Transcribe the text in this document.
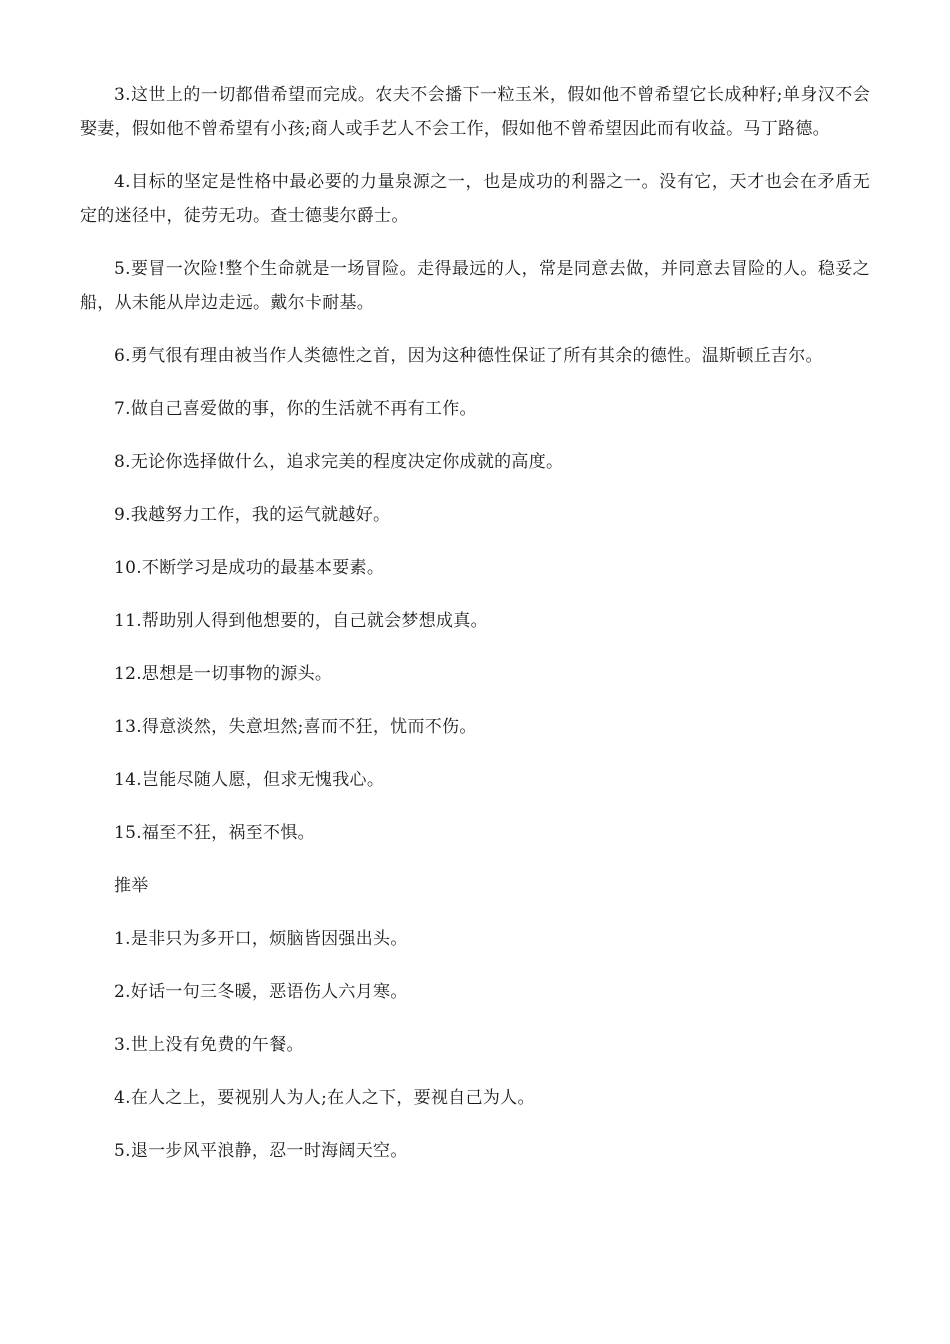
3.这世上的一切都借希望而完成。农夫不会播下一粒玉米，假如他不曾希望它长成种籽;单身汉不会娶妻，假如他不曾希望有小孩;商人或手艺人不会工作，假如他不曾希望因此而有收益。马丁路德。

4.目标的坚定是性格中最必要的力量泉源之一，也是成功的利器之一。没有它，天才也会在矛盾无定的迷径中，徒劳无功。查士德斐尔爵士。

5.要冒一次险!整个生命就是一场冒险。走得最远的人，常是同意去做，并同意去冒险的人。稳妥之船，从未能从岸边走远。戴尔卡耐基。

6.勇气很有理由被当作人类德性之首，因为这种德性保证了所有其余的德性。温斯顿丘吉尔。

7.做自己喜爱做的事，你的生活就不再有工作。

8.无论你选择做什么，追求完美的程度决定你成就的高度。

9.我越努力工作，我的运气就越好。

10.不断学习是成功的最基本要素。

11.帮助别人得到他想要的，自己就会梦想成真。

12.思想是一切事物的源头。

13.得意淡然，失意坦然;喜而不狂，忧而不伤。

14.岂能尽随人愿，但求无愧我心。

15.福至不狂，祸至不惧。

推举

1.是非只为多开口，烦脑皆因强出头。

2.好话一句三冬暖，恶语伤人六月寒。

3.世上没有免费的午餐。

4.在人之上，要视别人为人;在人之下，要视自己为人。

5.退一步风平浪静，忍一时海阔天空。
